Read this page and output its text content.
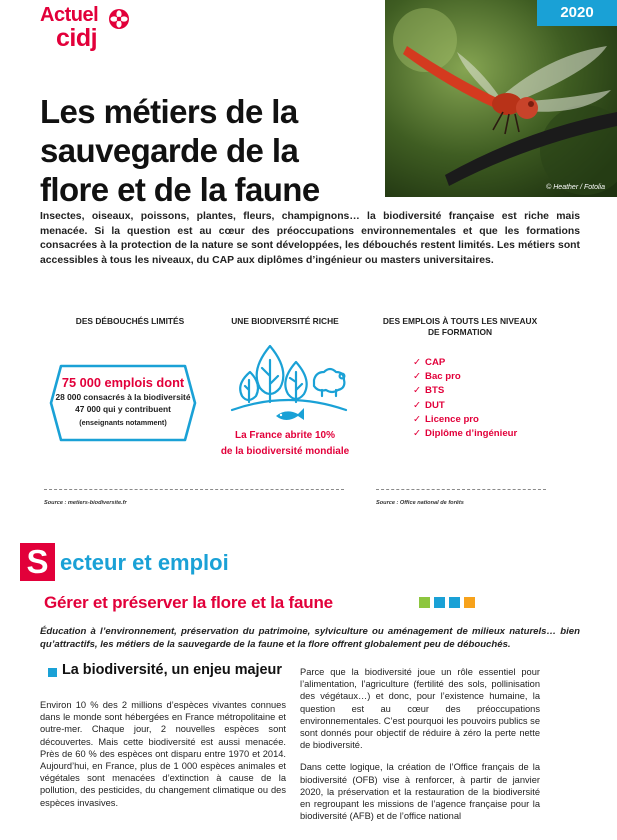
Actuel
cidj
2020
© Heather / Fotolia
Les métiers de la
sauvegarde de la
flore et de la faune

Insectes, oiseaux, poissons, plantes, fleurs, champignons… la biodiversité française est riche mais menacée. Si la question est au cœur des préoccupations environnementales et que les formations consacrées à la protection de la nature se sont développées, les débouchés restent limités. Les métiers sont accessibles à tous les niveaux, du CAP aux diplômes d’ingénieur ou masters universitaires.

DES DÉBOUCHÉS LIMITÉS
75 000 emplois dont
28 000 consacrés à la biodiversité
47 000 qui y contribuent
(enseignants notamment)
UNE BIODIVERSITÉ RICHE
La France abrite 10%
de la biodiversité mondiale
DES EMPLOIS À TOUTS LES NIVEAUX
DE FORMATION
✓ CAP
✓ Bac pro
✓ BTS
✓ DUT
✓ Licence pro
✓ Diplôme d’ingénieur
Source : metiers-biodiversite.fr	Source : Office national de forêts
S ecteur et emploi
Gérer et préserver la flore et la faune

Éducation à l’environnement, préservation du patrimoine, sylviculture ou aménagement de milieux naturels… bien qu’attractifs, les métiers de la sauvegarde de la faune et la flore offrent globalement peu de débouchés.

La biodiversité, un enjeu majeur

Environ 10 % des 2 millions d’espèces vivantes connues dans le monde sont hébergées en France métropolitaine et outre-mer. Chaque jour, 2 nouvelles espèces sont découvertes. Mais cette biodiversité est aussi menacée. Près de 60 % des espèces ont disparu entre 1970 et 2014. Aujourd’hui, en France, plus de 1 000 espèces animales et végétales sont menacées d’extinction à cause de la pollution, des pesticides, du changement climatique ou des espèces invasives.

Parce que la biodiversité joue un rôle essentiel pour l’alimentation, l’agriculture (fertilité des sols, pollinisation des végétaux…) et donc, pour l’existence humaine, la question est au cœur des préoccupations environnementales. C’est pourquoi les pouvoirs publics se sont donnés pour objectif de réduire à zéro la perte nette de biodiversité.

Dans cette logique, la création de l’Office français de la biodiversité (OFB) vise à renforcer, à partir de janvier 2020, la préservation et la restauration de la biodiversité en regroupant les missions de l’agence française pour la biodiversité (AFB) et de l’office national
